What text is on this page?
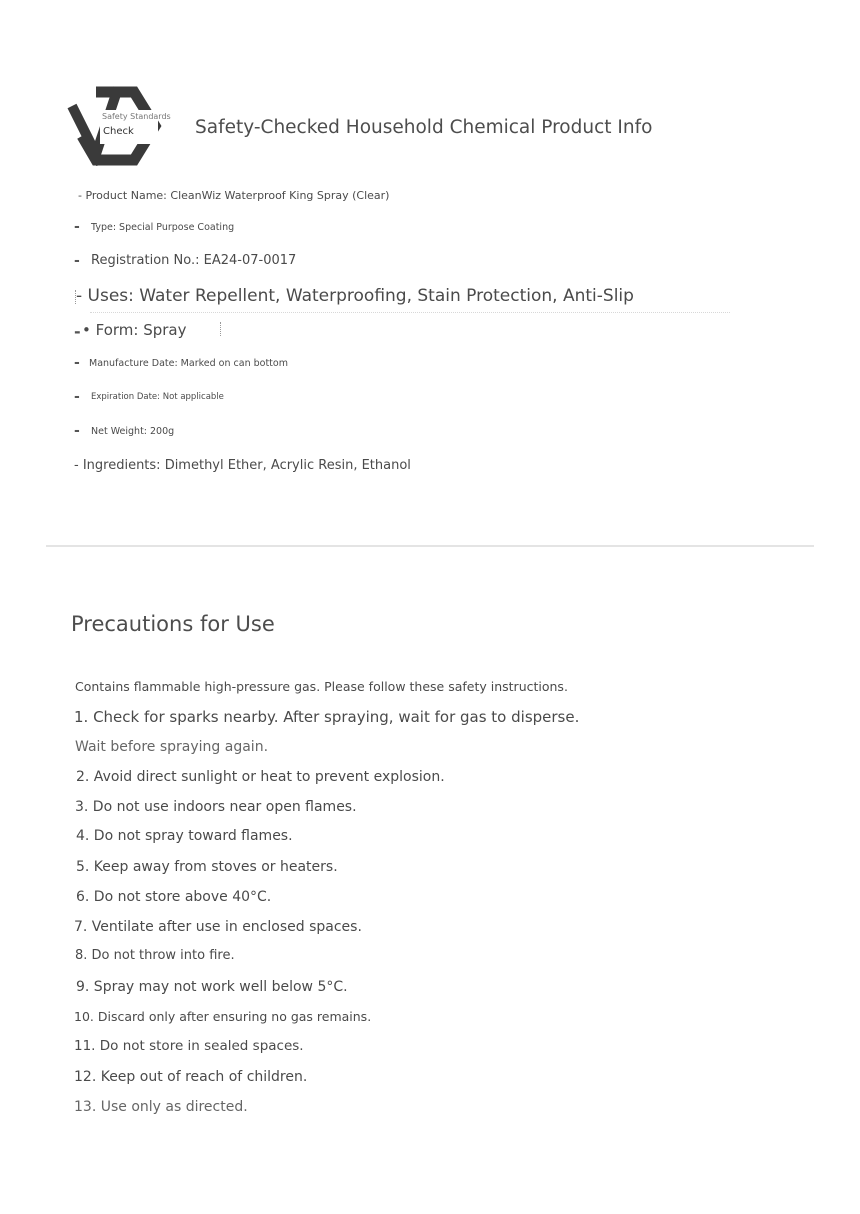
Safety Standards
Check	Safety-Checked Household Chemical Product Info
- Product Name: CleanWiz Waterproof King Spray (Clear)
- Type: Special Purpose Coating
- Registration No.: EA24-07-0017
- Uses: Water Repellent, Waterproofing, Stain Protection, Anti-Slip
- • Form: Spray
- Manufacture Date: Marked on can bottom
- Expiration Date: Not applicable
- Net Weight: 200g
- Ingredients: Dimethyl Ether, Acrylic Resin, Ethanol
Precautions for Use
Contains flammable high-pressure gas. Please follow these safety instructions.
1. Check for sparks nearby. After spraying, wait for gas to disperse.
Wait before spraying again.
2. Avoid direct sunlight or heat to prevent explosion.
3. Do not use indoors near open flames.
4. Do not spray toward flames.
5. Keep away from stoves or heaters.
6. Do not store above 40°C.
7. Ventilate after use in enclosed spaces.
8. Do not throw into fire.
9. Spray may not work well below 5°C.
10. Discard only after ensuring no gas remains.
11. Do not store in sealed spaces.
12. Keep out of reach of children.
13. Use only as directed.
